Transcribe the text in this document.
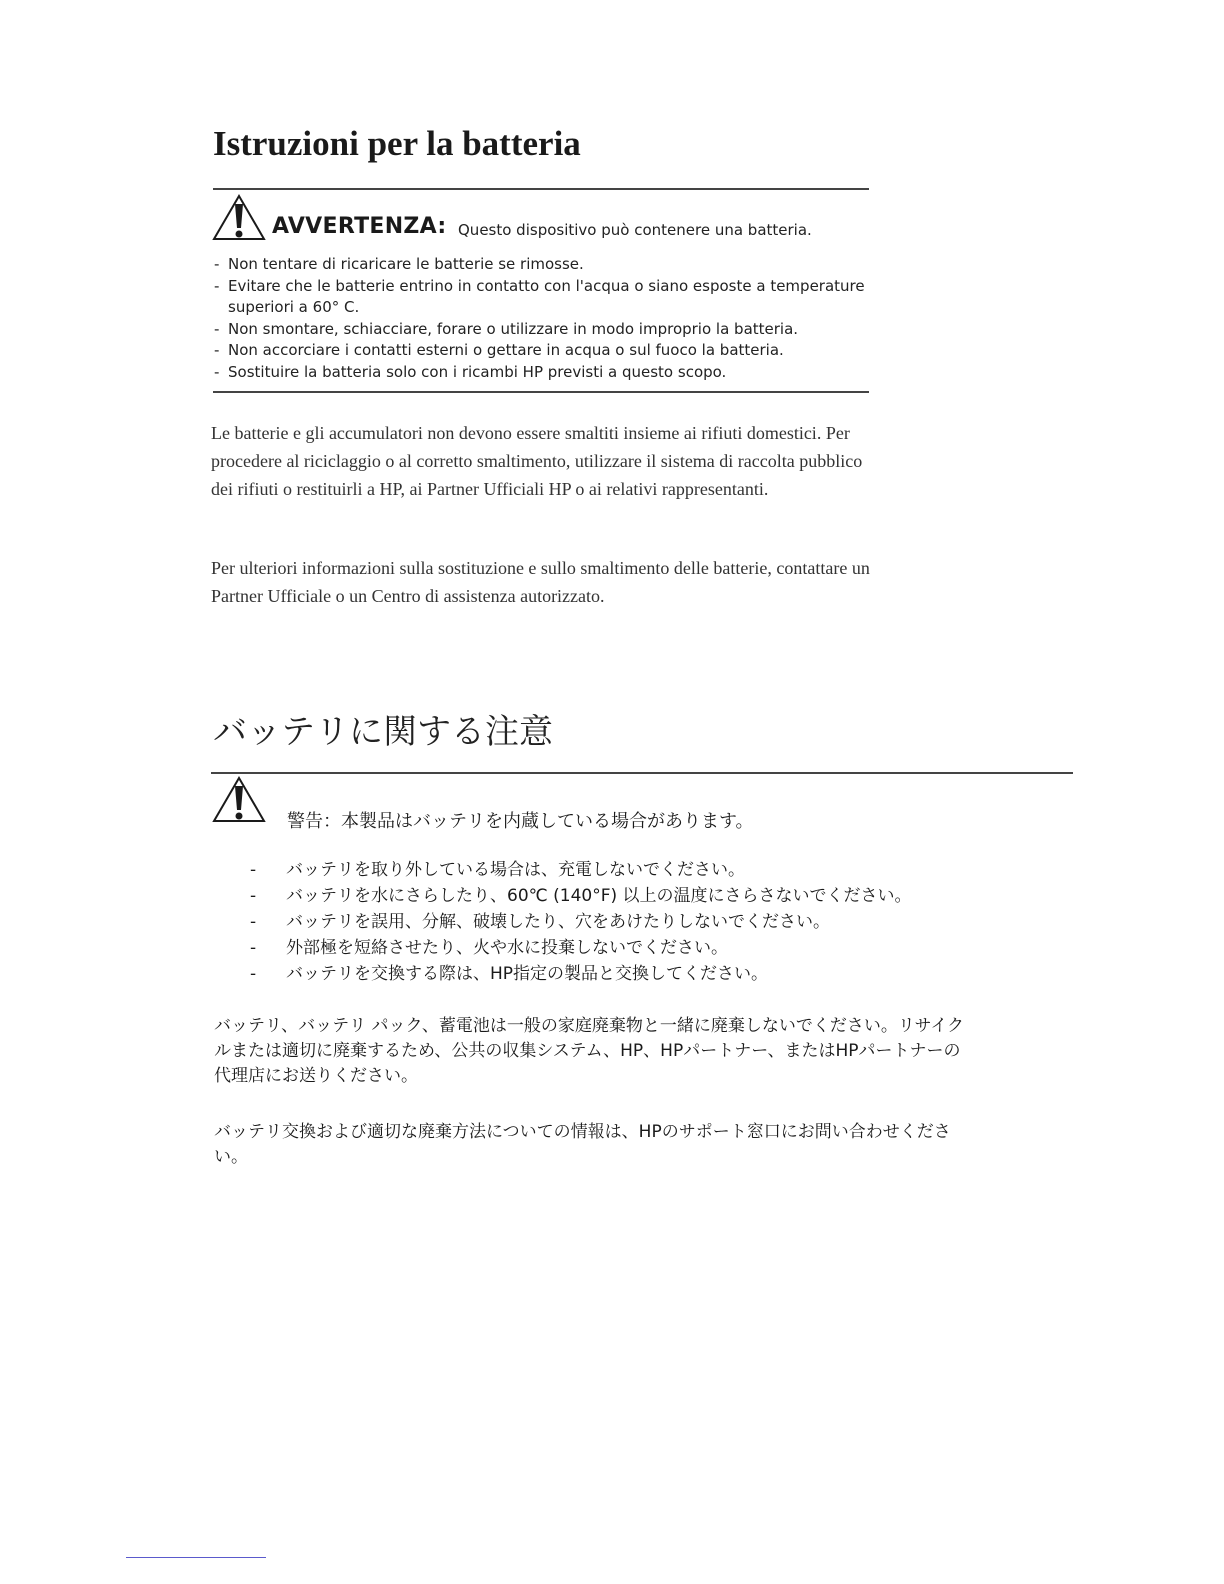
Istruzioni per la batteria
AVVERTENZA: Questo dispositivo può contenere una batteria.
- Non tentare di ricaricare le batterie se rimosse.
- Evitare che le batterie entrino in contatto con l'acqua o siano esposte a temperature superiori a 60° C.
- Non smontare, schiacciare, forare o utilizzare in modo improprio la batteria.
- Non accorciare i contatti esterni o gettare in acqua o sul fuoco la batteria.
- Sostituire la batteria solo con i ricambi HP previsti a questo scopo.

Le batterie e gli accumulatori non devono essere smaltiti insieme ai rifiuti domestici. Per procedere al riciclaggio o al corretto smaltimento, utilizzare il sistema di raccolta pubblico dei rifiuti o restituirli a HP, ai Partner Ufficiali HP o ai relativi rappresentanti.

Per ulteriori informazioni sulla sostituzione e sullo smaltimento delle batterie, contattare un Partner Ufficiale o un Centro di assistenza autorizzato.

バッテリに関する注意
警告：本製品はバッテリを内蔵している場合があります。
- バッテリを取り外している場合は、充電しないでください。
- バッテリを水にさらしたり、60℃ (140°F) 以上の温度にさらさないでください。
- バッテリを誤用、分解、破壊したり、穴をあけたりしないでください。
- 外部極を短絡させたり、火や水に投棄しないでください。
- バッテリを交換する際は、HP指定の製品と交換してください。

バッテリ、バッテリ パック、蓄電池は一般の家庭廃棄物と一緒に廃棄しないでください。リサイクルまたは適切に廃棄するため、公共の収集システム、HP、HPパートナー、またはHPパートナーの代理店にお送りください。

バッテリ交換および適切な廃棄方法についての情報は、HPのサポート窓口にお問い合わせください。
